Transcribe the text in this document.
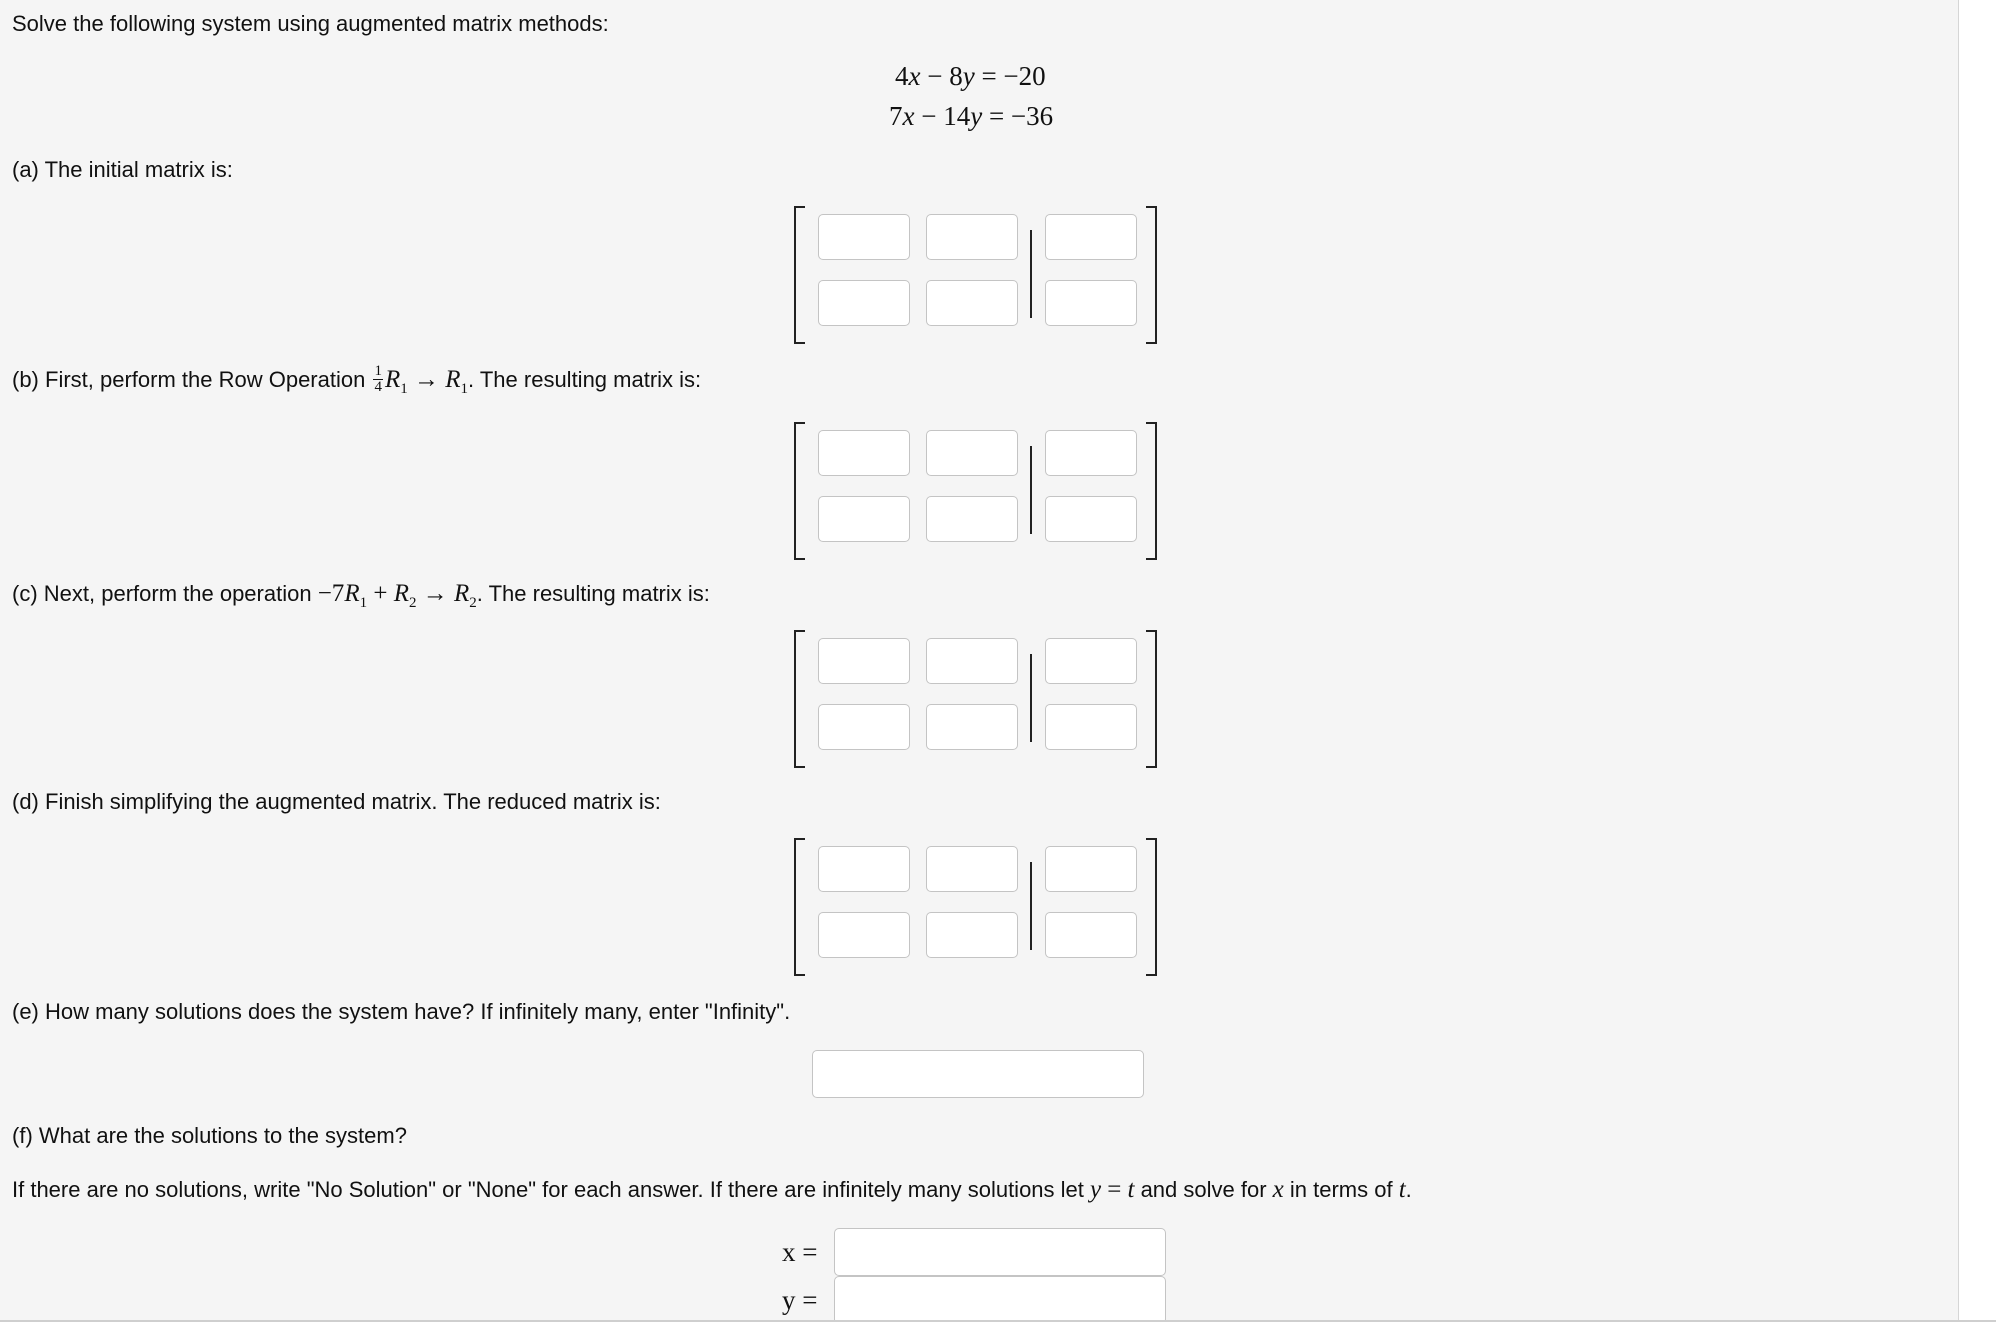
Solve the following system using augmented matrix methods:
4x − 8y = −20
7x − 14y = −36
(a) The initial matrix is:
(b) First, perform the Row Operation $\frac{1}{4} R_1 \to R_1$. The resulting matrix is:
(c) Next, perform the operation $-7R_1 + R_2 \to R_2$. The resulting matrix is:
(d) Finish simplifying the augmented matrix. The reduced matrix is:
(e) How many solutions does the system have? If infinitely many, enter "Infinity".
(f) What are the solutions to the system?
If there are no solutions, write "No Solution" or "None" for each answer. If there are infinitely many solutions let y = t and solve for x in terms of t.
x =
y =
